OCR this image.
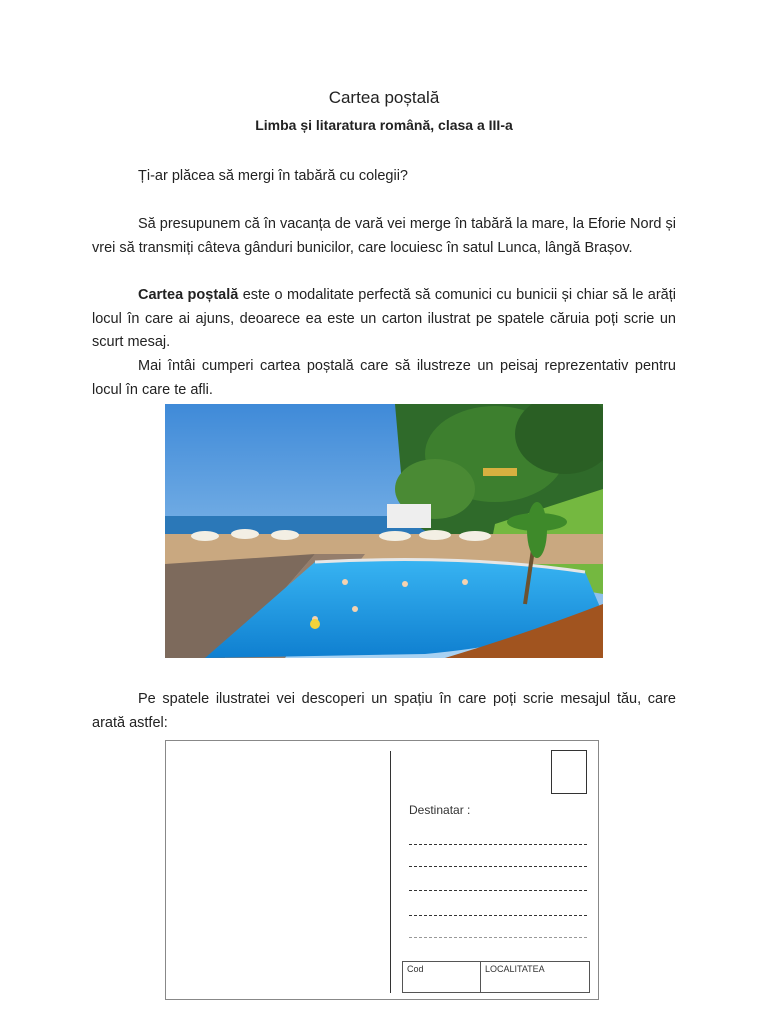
Cartea poștală
Limba și litaratura română, clasa a III-a
Ți-ar plăcea să mergi în tabără cu colegii?
Să presupunem că în vacanța de vară vei merge în tabără la mare, la Eforie Nord și vrei să transmiți câteva gânduri bunicilor, care locuiesc în satul Lunca, lângă Brașov.
Cartea poștală este o modalitate perfectă să comunici cu bunicii și chiar să le arăți locul în care ai ajuns, deoarece ea este un carton ilustrat pe spatele căruia poți scrie un scurt mesaj.
Mai întâi cumperi cartea poștală care să ilustreze un peisaj reprezentativ pentru locul în care te afli.
Pe spatele ilustratei vei descoperi un spațiu în care poți scrie mesajul tău, care arată astfel:
Destinatar :
Cod	LOCALITATEA
